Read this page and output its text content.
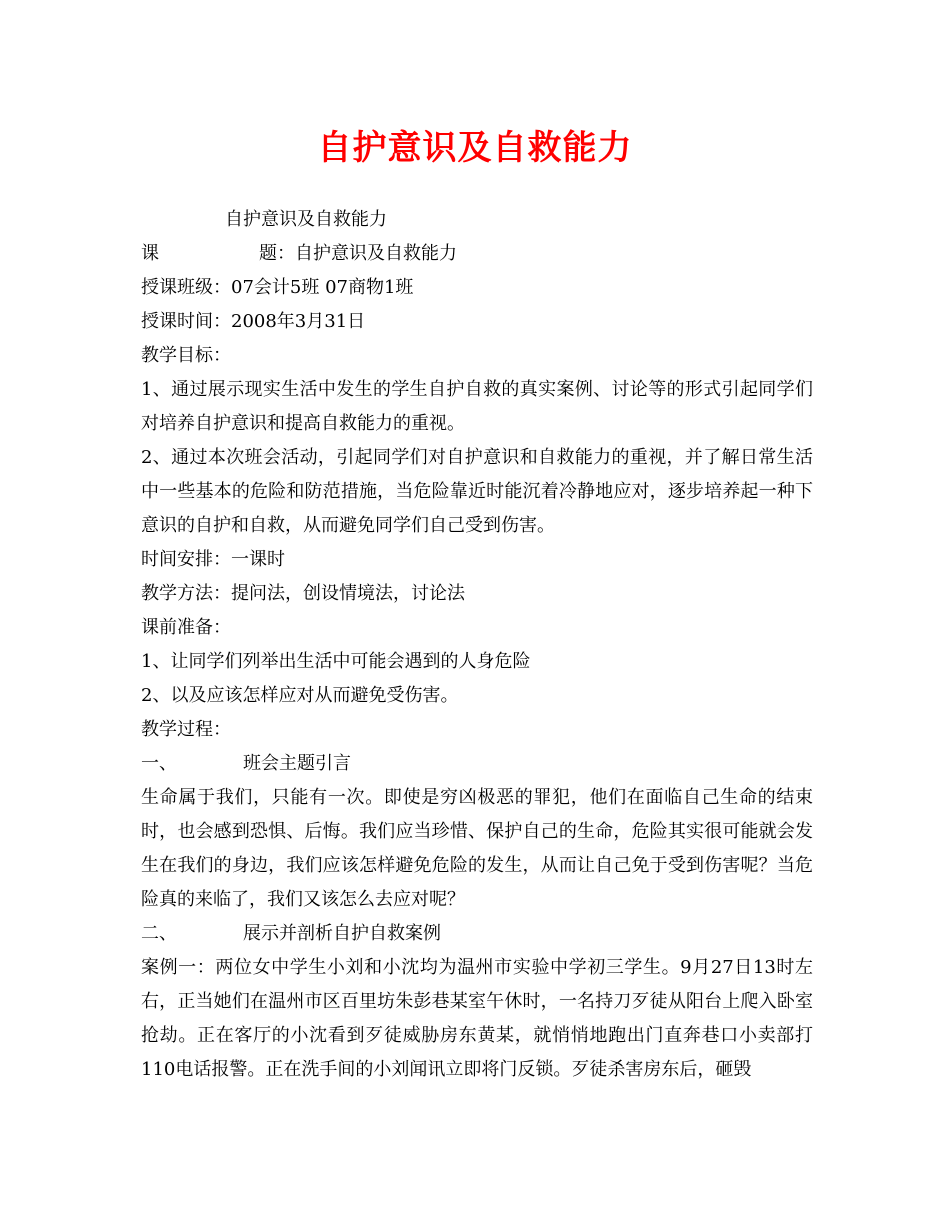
自护意识及自救能力
自护意识及自救能力
课	题：自护意识及自救能力
授课班级：07会计5班 07商物1班
授课时间：2008年3月31日
教学目标：
1、通过展示现实生活中发生的学生自护自救的真实案例、讨论等的形式引起同学们对培养自护意识和提高自救能力的重视。
2、通过本次班会活动，引起同学们对自护意识和自救能力的重视，并了解日常生活中一些基本的危险和防范措施，当危险靠近时能沉着冷静地应对，逐步培养起一种下意识的自护和自救，从而避免同学们自己受到伤害。
时间安排：一课时
教学方法：提问法，创设情境法，讨论法
课前准备：
1、让同学们列举出生活中可能会遇到的人身危险
2、以及应该怎样应对从而避免受伤害。
教学过程：
一、	班会主题引言
生命属于我们，只能有一次。即使是穷凶极恶的罪犯，他们在面临自己生命的结束时，也会感到恐惧、后悔。我们应当珍惜、保护自己的生命，危险其实很可能就会发生在我们的身边，我们应该怎样避免危险的发生，从而让自己免于受到伤害呢？当危险真的来临了，我们又该怎么去应对呢？
二、	展示并剖析自护自救案例
案例一：两位女中学生小刘和小沈均为温州市实验中学初三学生。9月27日13时左右，正当她们在温州市区百里坊朱彭巷某室午休时，一名持刀歹徒从阳台上爬入卧室抢劫。正在客厅的小沈看到歹徒威胁房东黄某，就悄悄地跑出门直奔巷口小卖部打110电话报警。正在洗手间的小刘闻讯立即将门反锁。歹徒杀害房东后，砸毁
